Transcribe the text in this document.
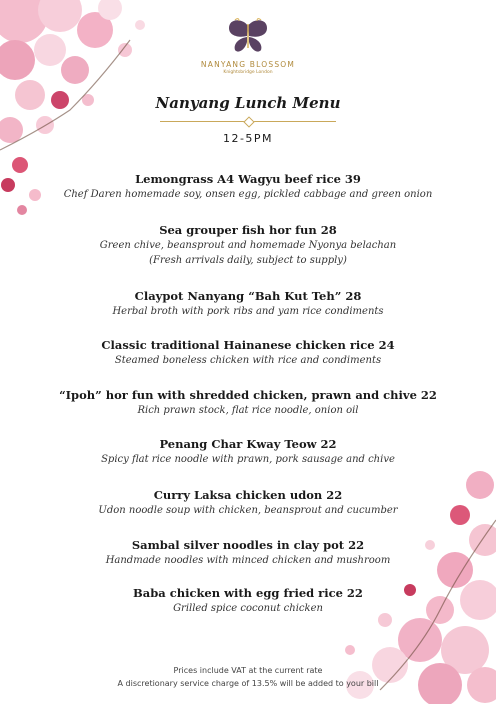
NANYANG BLOSSOM
Knightsbridge London
Nanyang Lunch Menu
12-5PM
Lemongrass A4 Wagyu beef rice 39
Chef Daren homemade soy, onsen egg, pickled cabbage and green onion
Sea grouper fish hor fun 28
Green chive, beansprout and homemade Nyonya belachan
(Fresh arrivals daily, subject to supply)
Claypot Nanyang “Bah Kut Teh” 28
Herbal broth with pork ribs and yam rice condiments
Classic traditional Hainanese chicken rice 24
Steamed boneless chicken with rice and condiments
“Ipoh” hor fun with shredded chicken, prawn and chive 22
Rich prawn stock, flat rice noodle, onion oil
Penang Char Kway Teow 22
Spicy flat rice noodle with prawn, pork sausage and chive
Curry Laksa chicken udon 22
Udon noodle soup with chicken, beansprout and cucumber
Sambal silver noodles in clay pot 22
Handmade noodles with minced chicken and mushroom
Baba chicken with egg fried rice 22
Grilled spice coconut chicken
Prices include VAT at the current rate
A discretionary service charge of 13.5% will be added to your bill
